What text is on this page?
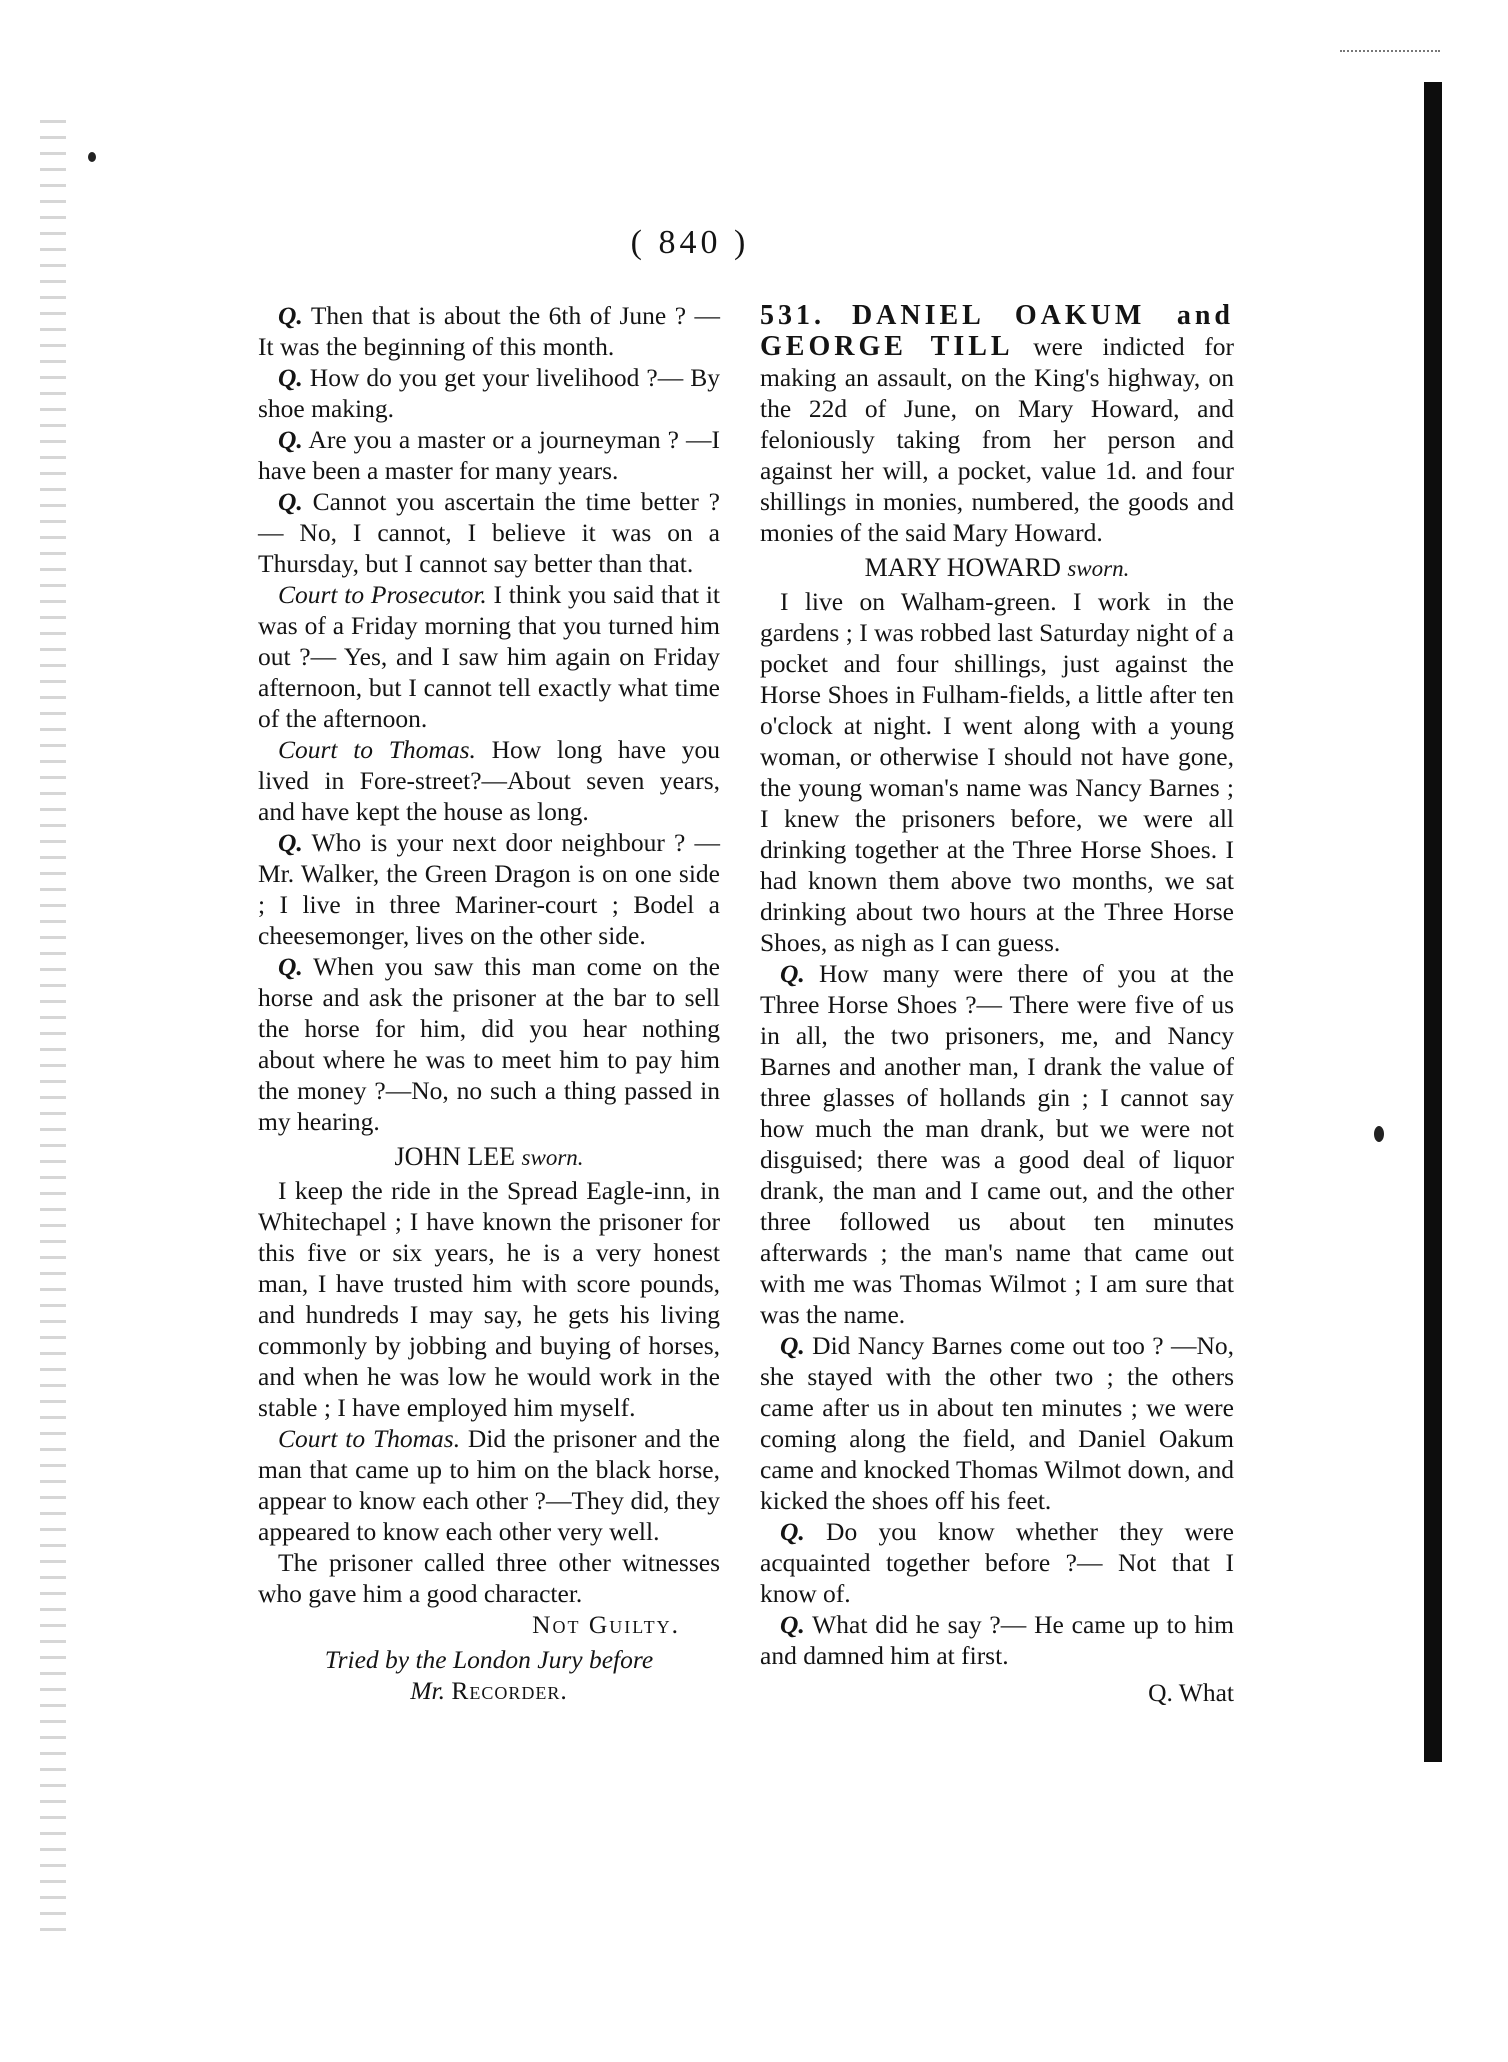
( 840 )

Q. Then that is about the 6th of June ? — It was the beginning of this month.

Q. How do you get your livelihood ?— By shoe making.

Q. Are you a master or a journeyman ? —I have been a master for many years.

Q. Cannot you ascertain the time better ?— No, I cannot, I believe it was on a Thursday, but I cannot say better than that.

Court to Prosecutor. I think you said that it was of a Friday morning that you turned him out ?— Yes, and I saw him again on Friday afternoon, but I cannot tell exactly what time of the afternoon.

Court to Thomas. How long have you lived in Fore-street?—About seven years, and have kept the house as long.

Q. Who is your next door neighbour ? — Mr. Walker, the Green Dragon is on one side ; I live in three Mariner-court ; Bodel a cheesemonger, lives on the other side.

Q. When you saw this man come on the horse and ask the prisoner at the bar to sell the horse for him, did you hear nothing about where he was to meet him to pay him the money ?—No, no such a thing passed in my hearing.

JOHN LEE sworn.

I keep the ride in the Spread Eagle-inn, in Whitechapel ; I have known the prisoner for this five or six years, he is a very honest man, I have trusted him with score pounds, and hundreds I may say, he gets his living commonly by jobbing and buying of horses, and when he was low he would work in the stable ; I have employed him myself.

Court to Thomas. Did the prisoner and the man that came up to him on the black horse, appear to know each other ?—They did, they appeared to know each other very well.

The prisoner called three other witnesses who gave him a good character.

Not Guilty.
Tried by the London Jury before
Mr. Recorder.

531. DANIEL OAKUM and GEORGE TILL were indicted for making an assault, on the King's highway, on the 22d of June, on Mary Howard, and feloniously taking from her person and against her will, a pocket, value 1d. and four shillings in monies, numbered, the goods and monies of the said Mary Howard.

MARY HOWARD sworn.

I live on Walham-green. I work in the gardens ; I was robbed last Saturday night of a pocket and four shillings, just against the Horse Shoes in Fulham-fields, a little after ten o'clock at night. I went along with a young woman, or otherwise I should not have gone, the young woman's name was Nancy Barnes ; I knew the prisoners before, we were all drinking together at the Three Horse Shoes. I had known them above two months, we sat drinking about two hours at the Three Horse Shoes, as nigh as I can guess.

Q. How many were there of you at the Three Horse Shoes ?— There were five of us in all, the two prisoners, me, and Nancy Barnes and another man, I drank the value of three glasses of hollands gin ; I cannot say how much the man drank, but we were not disguised; there was a good deal of liquor drank, the man and I came out, and the other three followed us about ten minutes afterwards ; the man's name that came out with me was Thomas Wilmot ; I am sure that was the name.

Q. Did Nancy Barnes come out too ? —No, she stayed with the other two ; the others came after us in about ten minutes ; we were coming along the field, and Daniel Oakum came and knocked Thomas Wilmot down, and kicked the shoes off his feet.

Q. Do you know whether they were acquainted together before ?— Not that I know of.

Q. What did he say ?— He came up to him and damned him at first.

Q. What
